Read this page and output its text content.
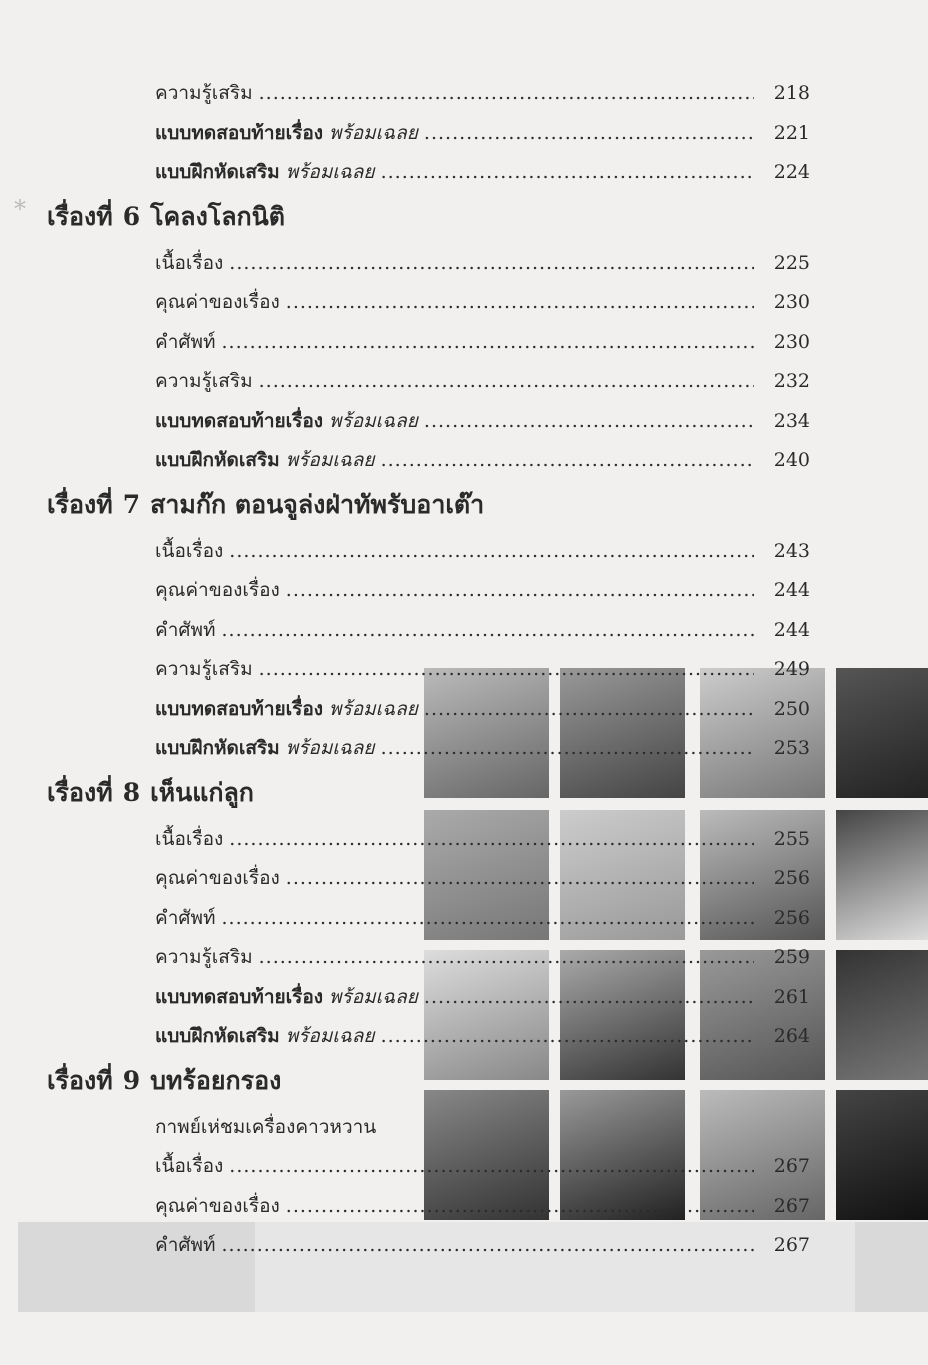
ความรู้เสริม .....	218
แบบทดสอบท้ายเรื่อง พร้อมเฉลย .....	221
แบบฝึกหัดเสริม พร้อมเฉลย .....	224
* เรื่องที่ 6 โคลงโลกนิติ
เนื้อเรื่อง .....	225
คุณค่าของเรื่อง .....	230
คำศัพท์ .....	230
ความรู้เสริม .....	232
แบบทดสอบท้ายเรื่อง พร้อมเฉลย .....	234
แบบฝึกหัดเสริม พร้อมเฉลย .....	240
เรื่องที่ 7 สามก๊ก ตอนจูล่งฝ่าทัพรับอาเต๊า
เนื้อเรื่อง .....	243
คุณค่าของเรื่อง .....	244
คำศัพท์ .....	244
ความรู้เสริม .....	249
แบบทดสอบท้ายเรื่อง พร้อมเฉลย .....	250
แบบฝึกหัดเสริม พร้อมเฉลย .....	253
เรื่องที่ 8 เห็นแก่ลูก
เนื้อเรื่อง .....	255
คุณค่าของเรื่อง .....	256
คำศัพท์ .....	256
ความรู้เสริม .....	259
แบบทดสอบท้ายเรื่อง พร้อมเฉลย .....	261
แบบฝึกหัดเสริม พร้อมเฉลย .....	264
เรื่องที่ 9 บทร้อยกรอง
กาพย์เห่ชมเครื่องคาวหวาน
เนื้อเรื่อง .....	267
คุณค่าของเรื่อง .....	267
คำศัพท์ .....	267
